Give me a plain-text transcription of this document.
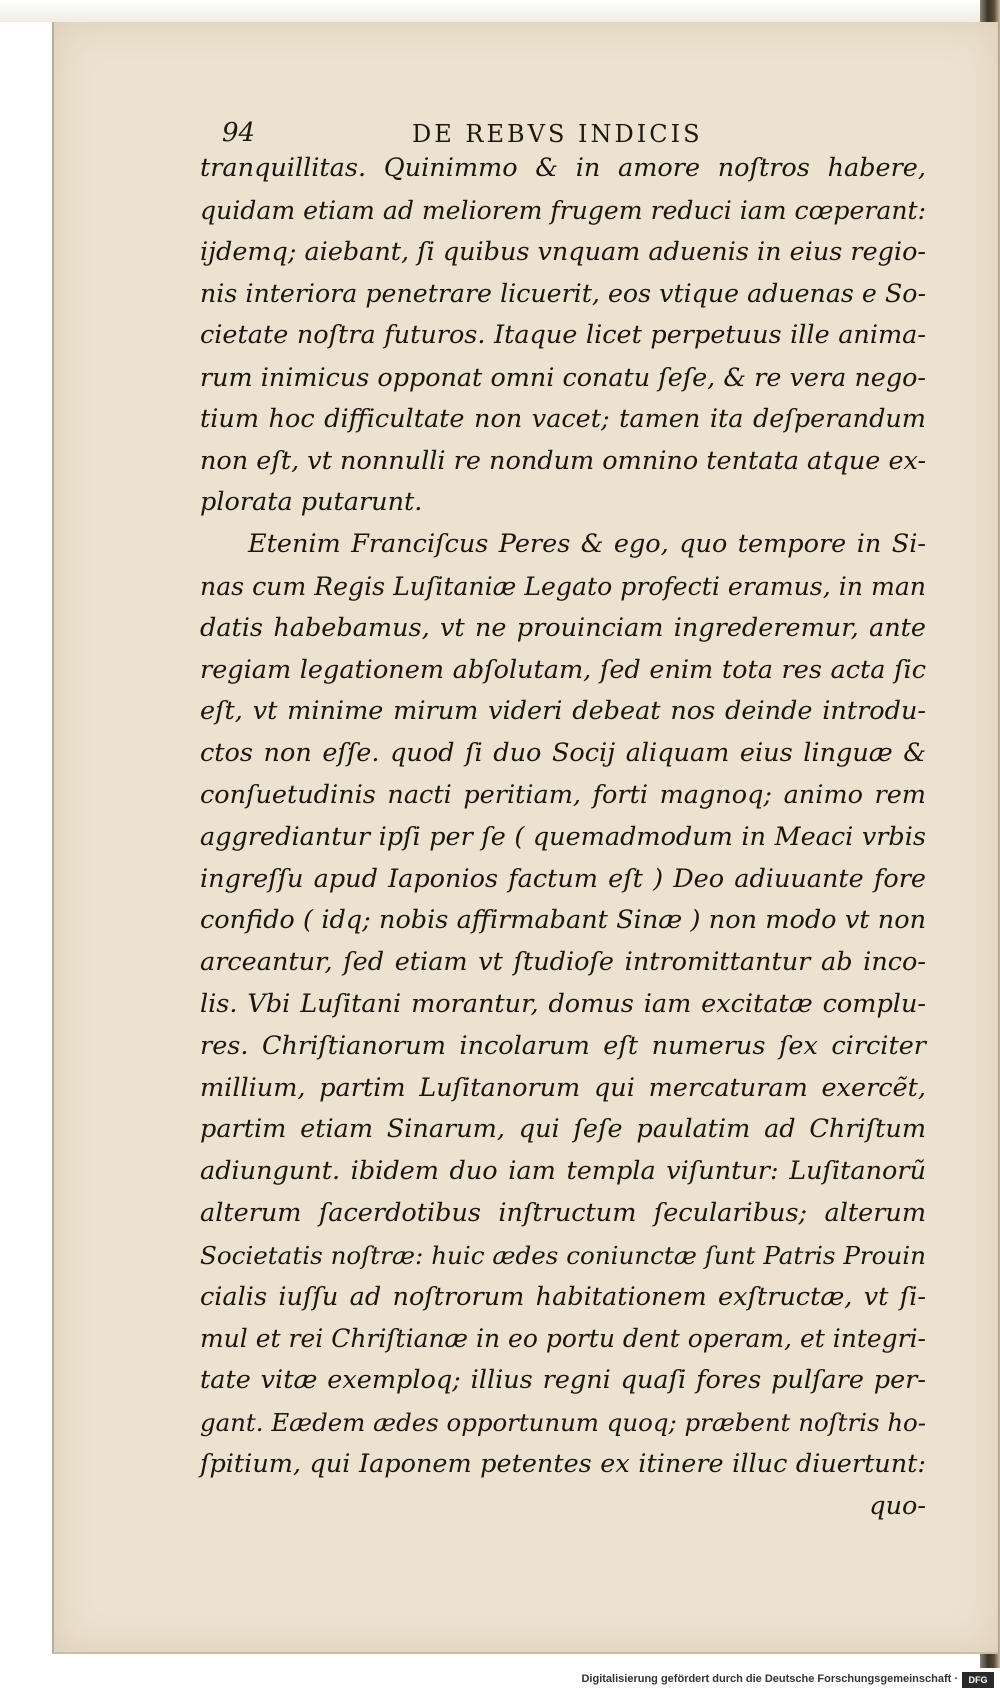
94	DE REBVS INDICIS
tranquillitas. Quinimmo & in amore noſtros habere,
quidam etiam ad meliorem frugem reduci iam cœperant:
ijdemq; aiebant, ſi quibus vnquam aduenis in eius regio-
nis interiora penetrare licuerit, eos vtique aduenas e So-
cietate noſtra futuros. Itaque licet perpetuus ille anima-
rum inimicus opponat omni conatu ſeſe, & re vera nego-
tium hoc difficultate non vacet; tamen ita deſperandum
non eſt, vt nonnulli re nondum omnino tentata atque ex-
plorata putarunt.
Etenim Franciſcus Peres & ego, quo tempore in Si-
nas cum Regis Luſitaniæ Legato profecti eramus, in man
datis habebamus, vt ne prouinciam ingrederemur, ante
regiam legationem abſolutam, ſed enim tota res acta ſic
eſt, vt minime mirum videri debeat nos deinde introdu-
ctos non eſſe. quod ſi duo Socij aliquam eius linguæ &
conſuetudinis nacti peritiam, forti magnoq; animo rem
aggrediantur ipſi per ſe ( quemadmodum in Meaci vrbis
ingreſſu apud Iaponios factum eſt ) Deo adiuuante fore
confido ( idq; nobis affirmabant Sinæ ) non modo vt non
arceantur, ſed etiam vt ſtudioſe intromittantur ab inco-
lis. Vbi Luſitani morantur, domus iam excitatæ complu-
res. Chriſtianorum incolarum eſt numerus ſex circiter
millium, partim Luſitanorum qui mercaturam exercẽt,
partim etiam Sinarum, qui ſeſe paulatim ad Chriſtum
adiungunt. ibidem duo iam templa viſuntur: Luſitanorũ
alterum ſacerdotibus inſtructum ſecularibus; alterum
Societatis noſtræ: huic ædes coniunctæ ſunt Patris Prouin
cialis iuſſu ad noſtrorum habitationem exſtructæ, vt ſi-
mul et rei Chriſtianæ in eo portu dent operam, et integri-
tate vitæ exemploq; illius regni quaſi fores pulſare per-
gant. Eædem ædes opportunum quoq; præbent noſtris ho-
ſpitium, qui Iaponem petentes ex itinere illuc diuertunt:
quo-
Digitalisierung gefördert durch die Deutsche Forschungsgemeinschaft ·	DFG
